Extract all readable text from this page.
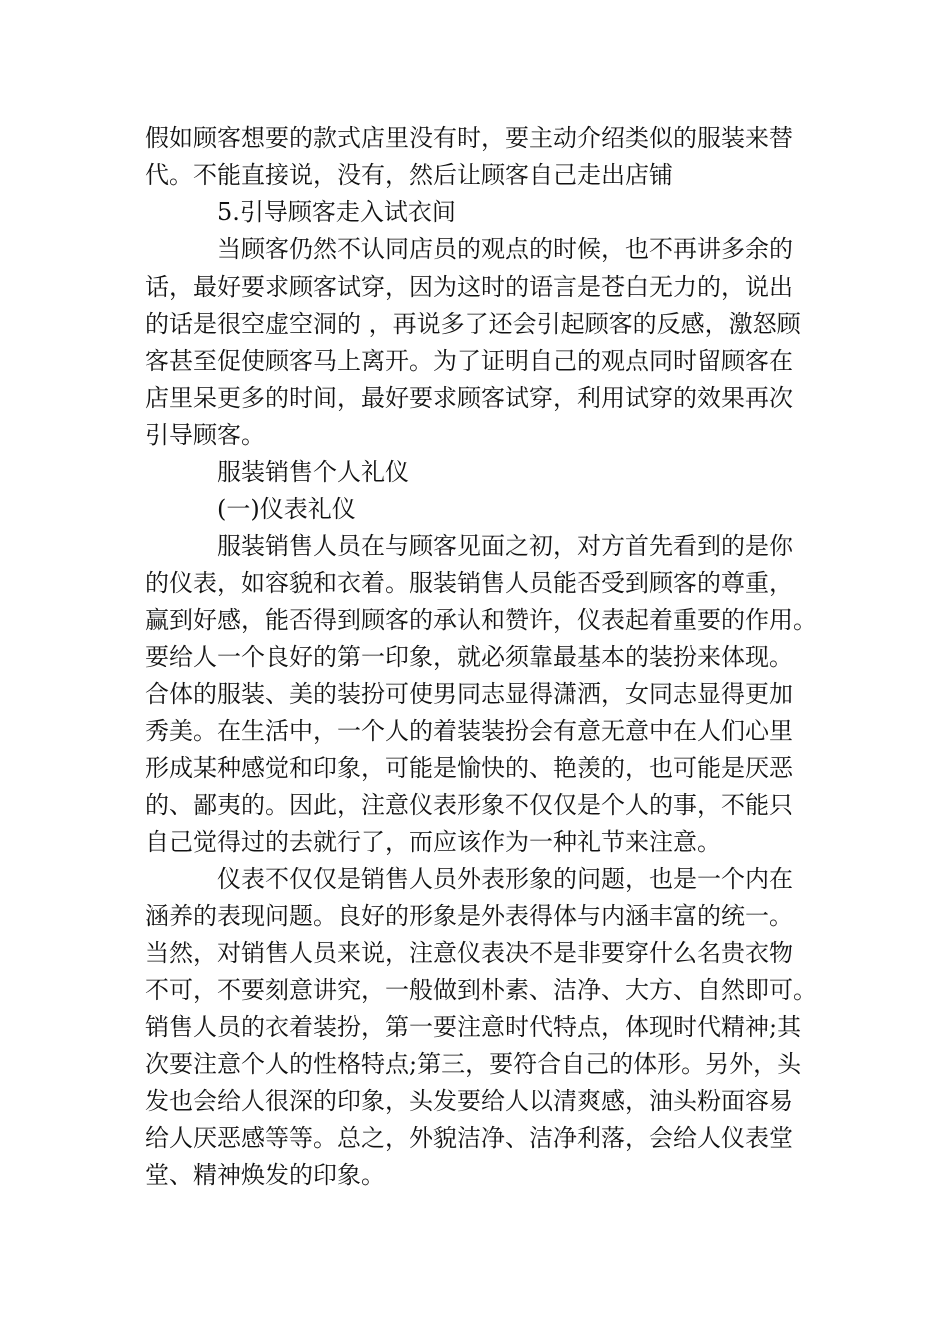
假如顾客想要的款式店里没有时，要主动介绍类似的服装来替
代。不能直接说，没有，然后让顾客自己走出店铺
5.引导顾客走入试衣间
当顾客仍然不认同店员的观点的时候，也不再讲多余的
话，最好要求顾客试穿，因为这时的语言是苍白无力的，说出
的话是很空虚空洞的 ，再说多了还会引起顾客的反感，激怒顾
客甚至促使顾客马上离开。为了证明自己的观点同时留顾客在
店里呆更多的时间，最好要求顾客试穿，利用试穿的效果再次
引导顾客。
服装销售个人礼仪
(一)仪表礼仪
服装销售人员在与顾客见面之初，对方首先看到的是你
的仪表，如容貌和衣着。服装销售人员能否受到顾客的尊重，
赢到好感，能否得到顾客的承认和赞许，仪表起着重要的作用。
要给人一个良好的第一印象，就必须靠最基本的装扮来体现。
合体的服装、美的装扮可使男同志显得潇洒，女同志显得更加
秀美。在生活中，一个人的着装装扮会有意无意中在人们心里
形成某种感觉和印象，可能是愉快的、艳羡的，也可能是厌恶
的、鄙夷的。因此，注意仪表形象不仅仅是个人的事，不能只
自己觉得过的去就行了，而应该作为一种礼节来注意。
仪表不仅仅是销售人员外表形象的问题，也是一个内在
涵养的表现问题。良好的形象是外表得体与内涵丰富的统一。
当然，对销售人员来说，注意仪表决不是非要穿什么名贵衣物
不可，不要刻意讲究，一般做到朴素、洁净、大方、自然即可。
销售人员的衣着装扮，第一要注意时代特点，体现时代精神;其
次要注意个人的性格特点;第三，要符合自己的体形。另外，头
发也会给人很深的印象，头发要给人以清爽感，油头粉面容易
给人厌恶感等等。总之，外貌洁净、洁净利落，会给人仪表堂
堂、精神焕发的印象。
